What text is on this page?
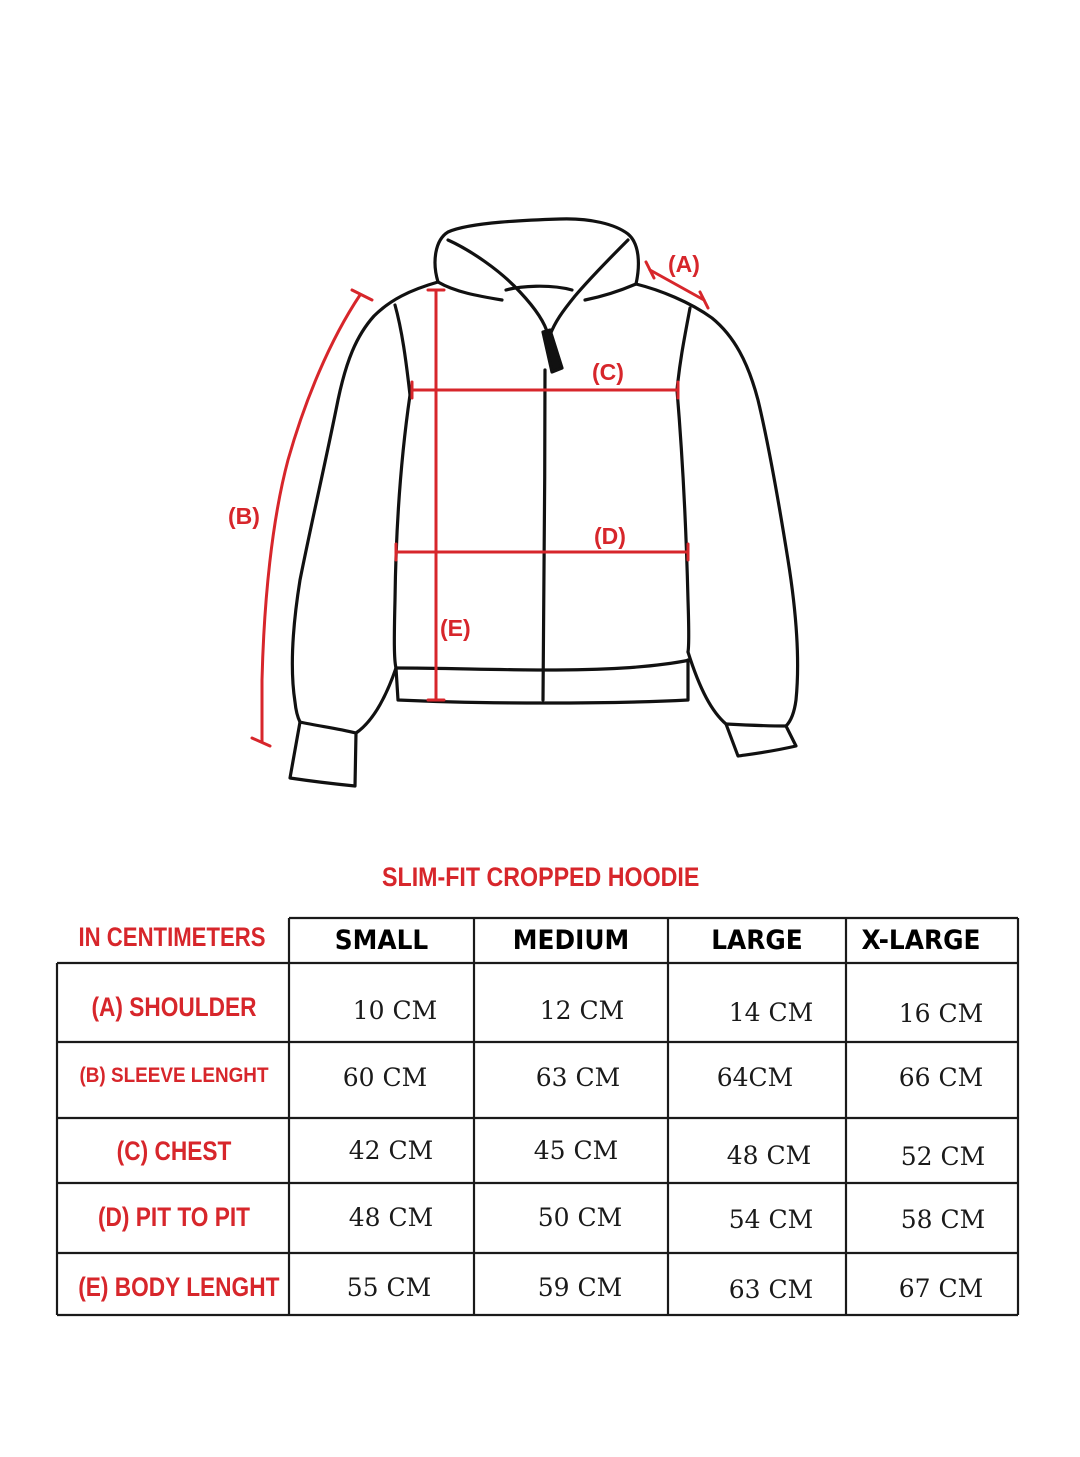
(A)
(B)
(C)
(D)
(E)
SLIM-FIT CROPPED HOODIE
IN CENTIMETERS	SMALL	MEDIUM	LARGE	X-LARGE
(A) SHOULDER	10 CM	12 CM	14 CM	16 CM
(B) SLEEVE LENGHT	60 CM	63 CM	64CM	66 CM
(C) CHEST	42 CM	45 CM	48 CM	52 CM
(D) PIT TO PIT	48 CM	50 CM	54 CM	58 CM
(E) BODY LENGHT	55 CM	59 CM	63 CM	67 CM
